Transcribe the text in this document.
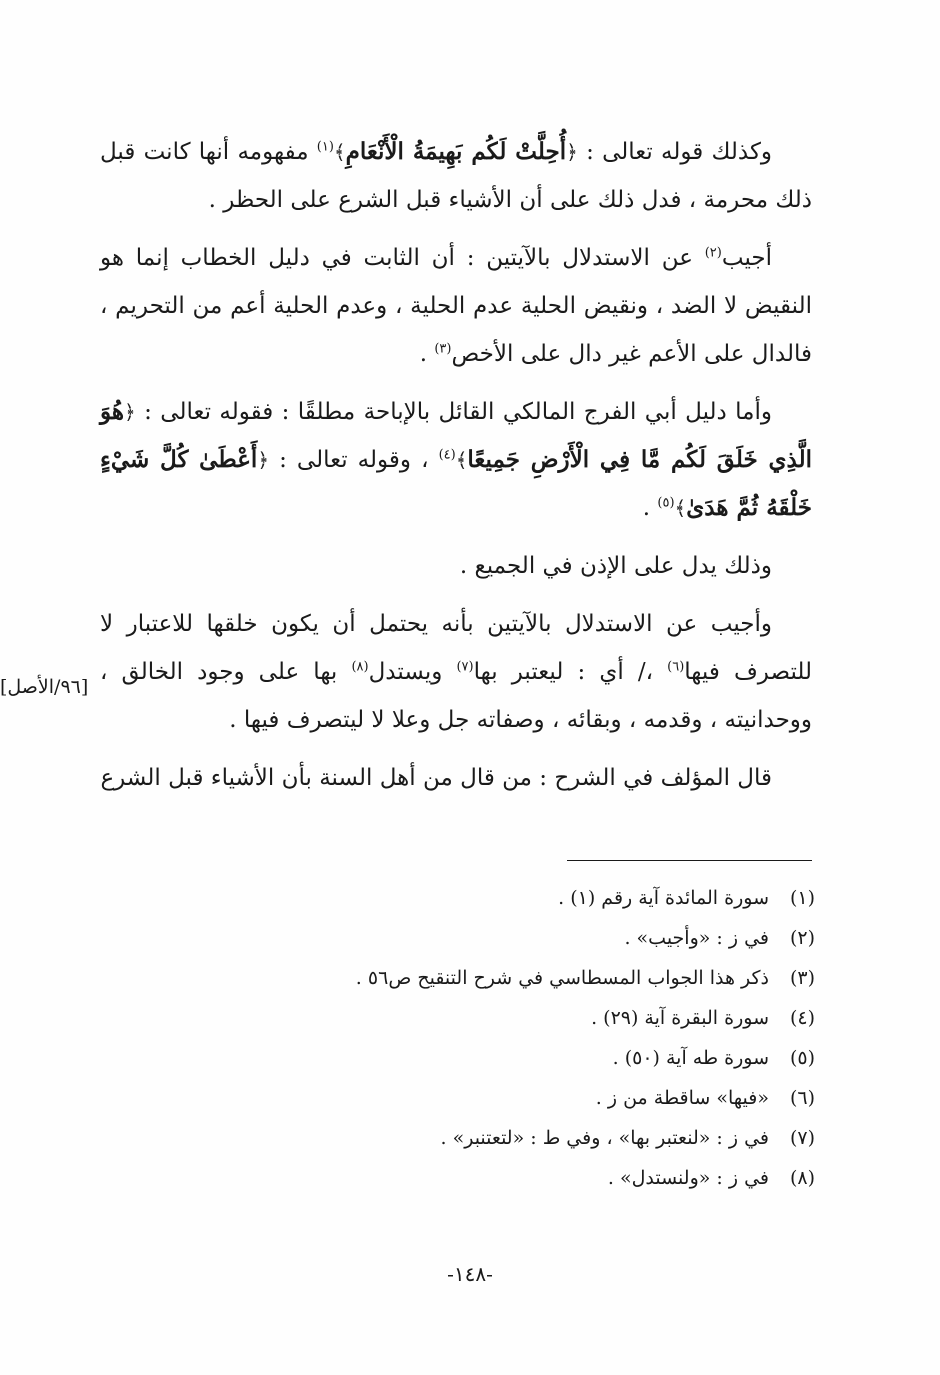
وكذلك قوله تعالى : ﴿أُحِلَّتْ لَكُم بَهِيمَةُ الْأَنْعَامِ﴾$^{(١)}$ مفهومه أنها كانت قبل ذلك محرمة ، فدل ذلك على أن الأشياء قبل الشرع على الحظر .

أجيب$^{(٢)}$ عن الاستدلال بالآيتين : أن الثابت في دليل الخطاب إنما هو النقيض لا الضد ، ونقيض الحلية عدم الحلية ، وعدم الحلية أعم من التحريم ، فالدال على الأعم غير دال على الأخص$^{(٣)}$ .

وأما دليل أبي الفرج المالكي القائل بالإباحة مطلقًا : فقوله تعالى : ﴿هُوَ الَّذِي خَلَقَ لَكُم مَّا فِي الْأَرْضِ جَمِيعًا﴾$^{(٤)}$ ، وقوله تعالى : ﴿أَعْطَىٰ كُلَّ شَيْءٍ خَلْقَهُ ثُمَّ هَدَىٰ﴾$^{(٥)}$ .

وذلك يدل على الإذن في الجميع .

وأجيب عن الاستدلال بالآيتين بأنه يحتمل أن يكون خلقها للاعتبار لا للتصرف فيها$^{(٦)}$ ،/ أي : ليعتبر بها$^{(٧)}$ ويستدل$^{(٨)}$ بها على وجود الخالق ، ووحدانيته ، وقدمه ، وبقائه ، وصفاته جل وعلا لا ليتصرف فيها .

قال المؤلف في الشرح : من قال من أهل السنة بأن الأشياء قبل الشرع

[٩٦/الأصل]
(١)
سورة المائدة آية رقم (١) .
(٢)
في ز : «وأجيب» .
(٣)
ذكر هذا الجواب المسطاسي في شرح التنقيح ص٥٦ .
(٤)
سورة البقرة آية (٢٩) .
(٥)
سورة طه آية (٥٠) .
(٦)
«فيها» ساقطة من ز .
(٧)
في ز : «لنعتبر بها» ، وفي ط : «لتعتنبر» .
(٨)
في ز : «ولنستدل» .
-١٤٨-
